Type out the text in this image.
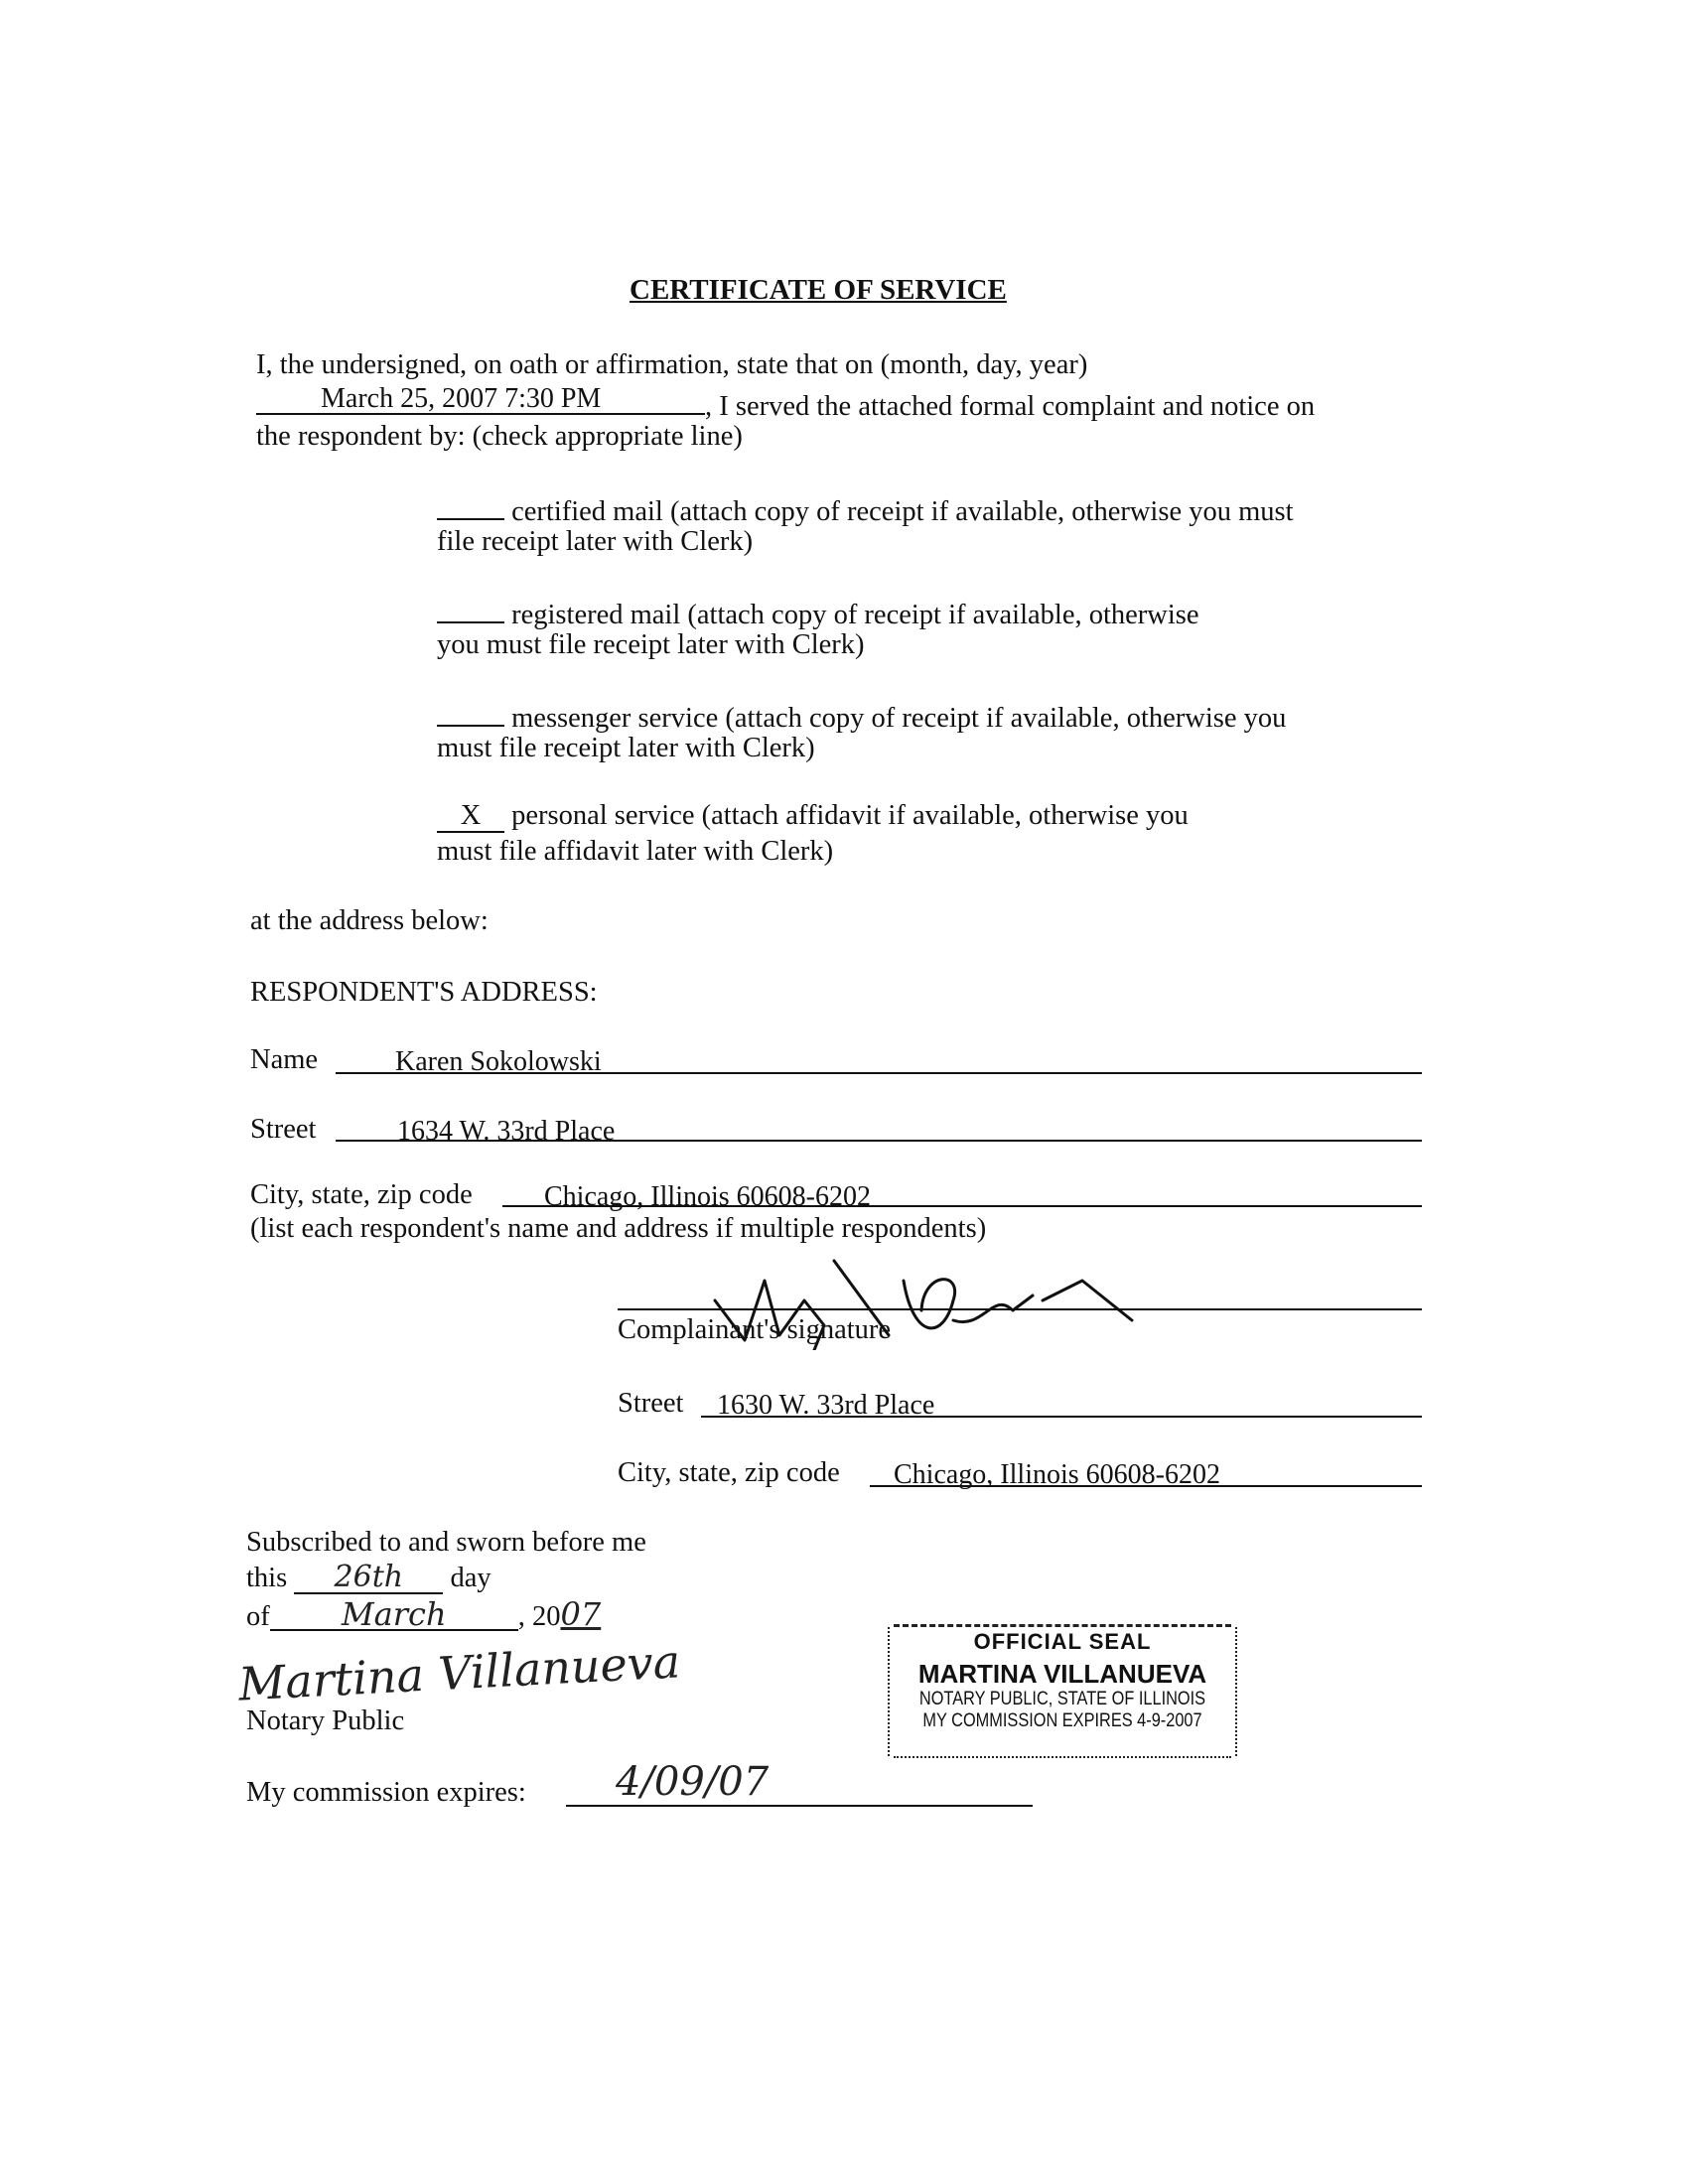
CERTIFICATE OF SERVICE
I, the undersigned, on oath or affirmation, state that on (month, day, year)
March 25, 2007 7:30 PM	, I served the attached formal complaint and notice on
the respondent by: (check appropriate line)
certified mail (attach copy of receipt if available, otherwise you must
file receipt later with Clerk)
registered mail (attach copy of receipt if available, otherwise
you must file receipt later with Clerk)
messenger service (attach copy of receipt if available, otherwise you
must file receipt later with Clerk)
X personal service (attach affidavit if available, otherwise you
must file affidavit later with Clerk)
at the address below:
RESPONDENT'S ADDRESS:
Name	Karen Sokolowski
Street	1634 W. 33rd Place
City, state, zip code	Chicago, Illinois 60608-6202
(list each respondent's name and address if multiple respondents)
Complainant's signature
Street 1630 W. 33rd Place
City, state, zip code Chicago, Illinois 60608-6202
Subscribed to and sworn before me
this 26th day
of March	, 2007
Martina Villanueva
Notary Public
My commission expires: 4/09/07
OFFICIAL SEAL
MARTINA VILLANUEVA
NOTARY PUBLIC, STATE OF ILLINOIS
MY COMMISSION EXPIRES 4-9-2007
